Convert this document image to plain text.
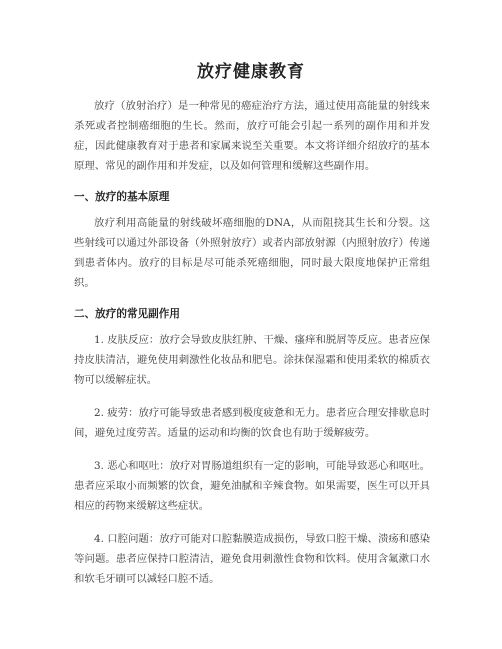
放疗健康教育

放疗（放射治疗）是一种常见的癌症治疗方法，通过使用高能量的射线来杀死或者控制癌细胞的生长。然而，放疗可能会引起一系列的副作用和并发症，因此健康教育对于患者和家属来说至关重要。本文将详细介绍放疗的基本原理、常见的副作用和并发症，以及如何管理和缓解这些副作用。

一、放疗的基本原理

放疗利用高能量的射线破坏癌细胞的DNA，从而阻挠其生长和分裂。这些射线可以通过外部设备（外照射放疗）或者内部放射源（内照射放疗）传递到患者体内。放疗的目标是尽可能杀死癌细胞，同时最大限度地保护正常组织。

二、放疗的常见副作用

1. 皮肤反应：放疗会导致皮肤红肿、干燥、瘙痒和脱屑等反应。患者应保持皮肤清洁，避免使用刺激性化妆品和肥皂。涂抹保湿霜和使用柔软的棉质衣物可以缓解症状。

2. 疲劳：放疗可能导致患者感到极度疲惫和无力。患者应合理安排歇息时间，避免过度劳苦。适量的运动和均衡的饮食也有助于缓解疲劳。

3. 恶心和呕吐：放疗对胃肠道组织有一定的影响，可能导致恶心和呕吐。患者应采取小而频繁的饮食，避免油腻和辛辣食物。如果需要，医生可以开具相应的药物来缓解这些症状。

4. 口腔问题：放疗可能对口腔黏膜造成损伤，导致口腔干燥、溃疡和感染等问题。患者应保持口腔清洁，避免食用刺激性食物和饮料。使用含氟漱口水和软毛牙刷可以减轻口腔不适。
